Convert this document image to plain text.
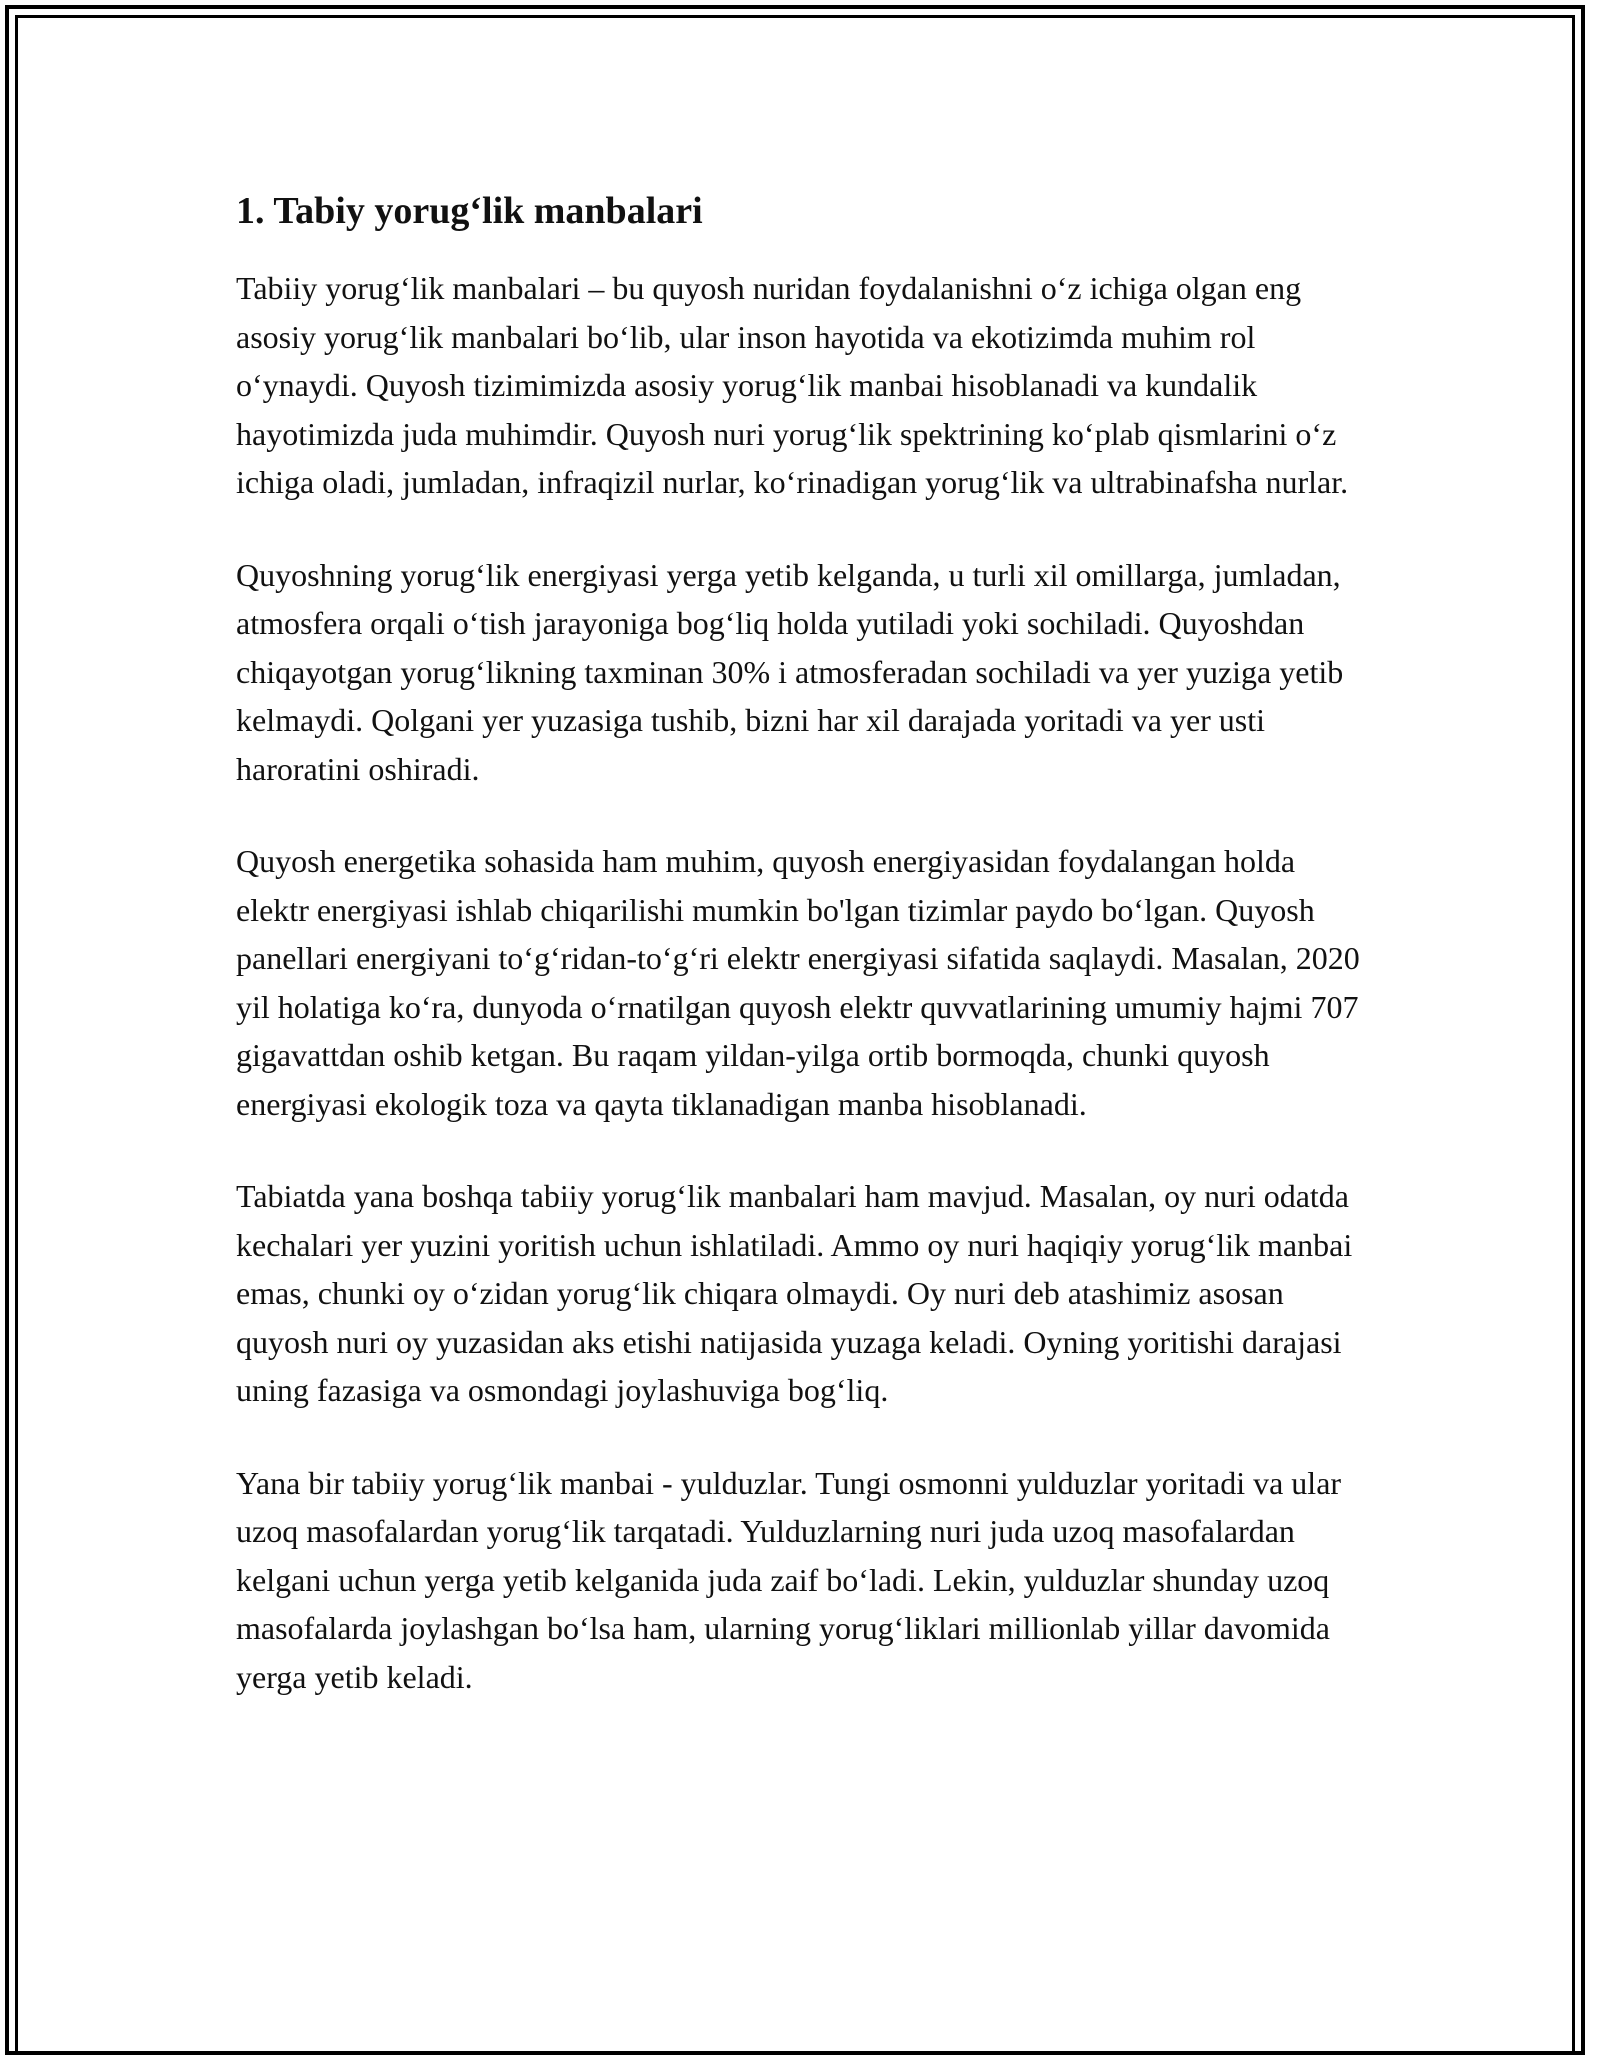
1. Tabiy yorug‘lik manbalari

Tabiiy yorug‘lik manbalari – bu quyosh nuridan foydalanishni o‘z ichiga olgan eng asosiy yorug‘lik manbalari bo‘lib, ular inson hayotida va ekotizimda muhim rol o‘ynaydi. Quyosh tizimimizda asosiy yorug‘lik manbai hisoblanadi va kundalik hayotimizda juda muhimdir. Quyosh nuri yorug‘lik spektrining ko‘plab qismlarini o‘z ichiga oladi, jumladan, infraqizil nurlar, ko‘rinadigan yorug‘lik va ultrabinafsha nurlar.

Quyoshning yorug‘lik energiyasi yerga yetib kelganda, u turli xil omillarga, jumladan, atmosfera orqali o‘tish jarayoniga bog‘liq holda yutiladi yoki sochiladi. Quyoshdan chiqayotgan yorug‘likning taxminan 30% i atmosferadan sochiladi va yer yuziga yetib kelmaydi. Qolgani yer yuzasiga tushib, bizni har xil darajada yoritadi va yer usti haroratini oshiradi.

Quyosh energetika sohasida ham muhim, quyosh energiyasidan foydalangan holda elektr energiyasi ishlab chiqarilishi mumkin bo'lgan tizimlar paydo bo‘lgan. Quyosh panellari energiyani to‘g‘ridan-to‘g‘ri elektr energiyasi sifatida saqlaydi. Masalan, 2020 yil holatiga ko‘ra, dunyoda o‘rnatilgan quyosh elektr quvvatlarining umumiy hajmi 707 gigavattdan oshib ketgan. Bu raqam yildan-yilga ortib bormoqda, chunki quyosh energiyasi ekologik toza va qayta tiklanadigan manba hisoblanadi.

Tabiatda yana boshqa tabiiy yorug‘lik manbalari ham mavjud. Masalan, oy nuri odatda kechalari yer yuzini yoritish uchun ishlatiladi. Ammo oy nuri haqiqiy yorug‘lik manbai emas, chunki oy o‘zidan yorug‘lik chiqara olmaydi. Oy nuri deb atashimiz asosan quyosh nuri oy yuzasidan aks etishi natijasida yuzaga keladi. Oyning yoritishi darajasi uning fazasiga va osmondagi joylashuviga bog‘liq.

Yana bir tabiiy yorug‘lik manbai - yulduzlar. Tungi osmonni yulduzlar yoritadi va ular uzoq masofalardan yorug‘lik tarqatadi. Yulduzlarning nuri juda uzoq masofalardan kelgani uchun yerga yetib kelganida juda zaif bo‘ladi. Lekin, yulduzlar shunday uzoq masofalarda joylashgan bo‘lsa ham, ularning yorug‘liklari millionlab yillar davomida yerga yetib keladi.
